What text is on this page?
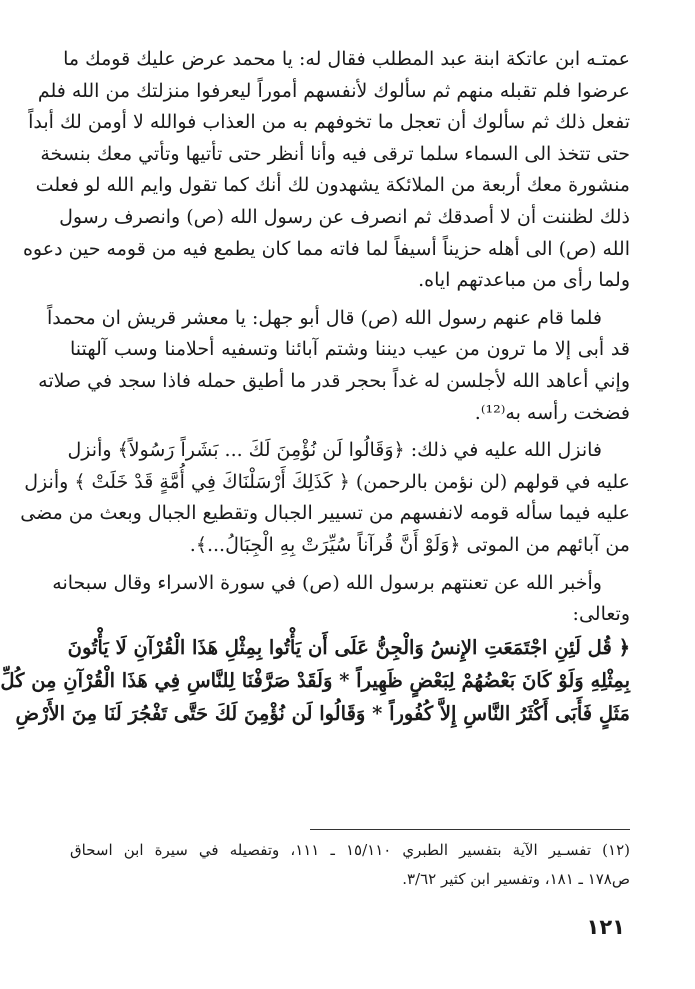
عمتـه ابن عاتكة ابنة عبد المطلب فقال له: يا محمد عرض عليك قومك ما
عرضوا فلم تقبله منهم ثم سألوك لأنفسهم أموراً ليعرفوا منزلتك من الله فلم
تفعل ذلك ثم سألوك أن تعجل ما تخوفهم به من العذاب فوالله لا أومن لك أبداً
حتى تتخذ الى السماء سلما ترقى فيه وأنا أنظر حتى تأتيها وتأتي معك بنسخة
منشورة معك أربعة من الملائكة يشهدون لك أنك كما تقول وايم الله لو فعلت
ذلك لظننت أن لا أصدقك ثم انصرف عن رسول الله (ص) وانصرف رسول
الله (ص) الى أهله حزيناً أسيفاً لما فاته مما كان يطمع فيه من قومه حين دعوه
ولما رأى من مباعدتهم اياه.
فلما قام عنهم رسول الله (ص) قال أبو جهل: يا معشر قريش ان محمداً
قد أبى إلا ما ترون من عيب ديننا وشتم آبائنا وتسفيه أحلامنا وسب آلهتنا
وإني أعاهد الله لأجلسن له غداً بحجر قدر ما أطيق حمله فاذا سجد في صلاته
فضخت رأسه به⁽¹²⁾.
فانزل الله عليه في ذلك: ﴿وَقَالُوا لَن نُؤْمِنَ لَكَ ... بَشَراً رَسُولاً﴾ وأنزل
عليه في قولهم (لن نؤمن بالرحمن) ﴿ كَذَلِكَ أَرْسَلْنَاكَ فِي أُمَّةٍ قَدْ خَلَتْ ﴾ وأنزل
عليه فيما سأله قومه لانفسهم من تسيير الجبال وتقطيع الجبال وبعث من مضى
من آبائهم من الموتى ﴿وَلَوْ أَنَّ قُرآناً سُيِّرَتْ بِهِ الْجِبَالُ...﴾.
وأخبر الله عن تعنتهم برسول الله (ص) في سورة الاسراء وقال سبحانه
وتعالى:
﴿ قُل لَئِنِ اجْتَمَعَتِ الإِنسُ وَالْجِنُّ عَلَى أَن يَأْتُوا بِمِثْلِ هَذَا الْقُرْآنِ لَا يَأْتُونَ
بِمِثْلِهِ وَلَوْ كَانَ بَعْضُهُمْ لِبَعْضٍ ظَهِيراً * وَلَقَدْ صَرَّفْنَا لِلنَّاسِ فِي هَذَا الْقُرْآنِ مِن كُلِّ
مَثَلٍ فَأَبَى أَكْثَرُ النَّاسِ إِلاَّ كُفُوراً * وَقَالُوا لَن نُؤْمِنَ لَكَ حَتَّى تَفْجُرَ لَنَا مِنَ الأَرْضِ
(١٢) تفسـير الآية بتفسير الطبري ١٥/١١٠ ـ ١١١، وتفصيله في سيرة ابن اسحاق
ص١٧٨ ـ ١٨١، وتفسير ابن كثير ٣/٦٢.
١٢١
